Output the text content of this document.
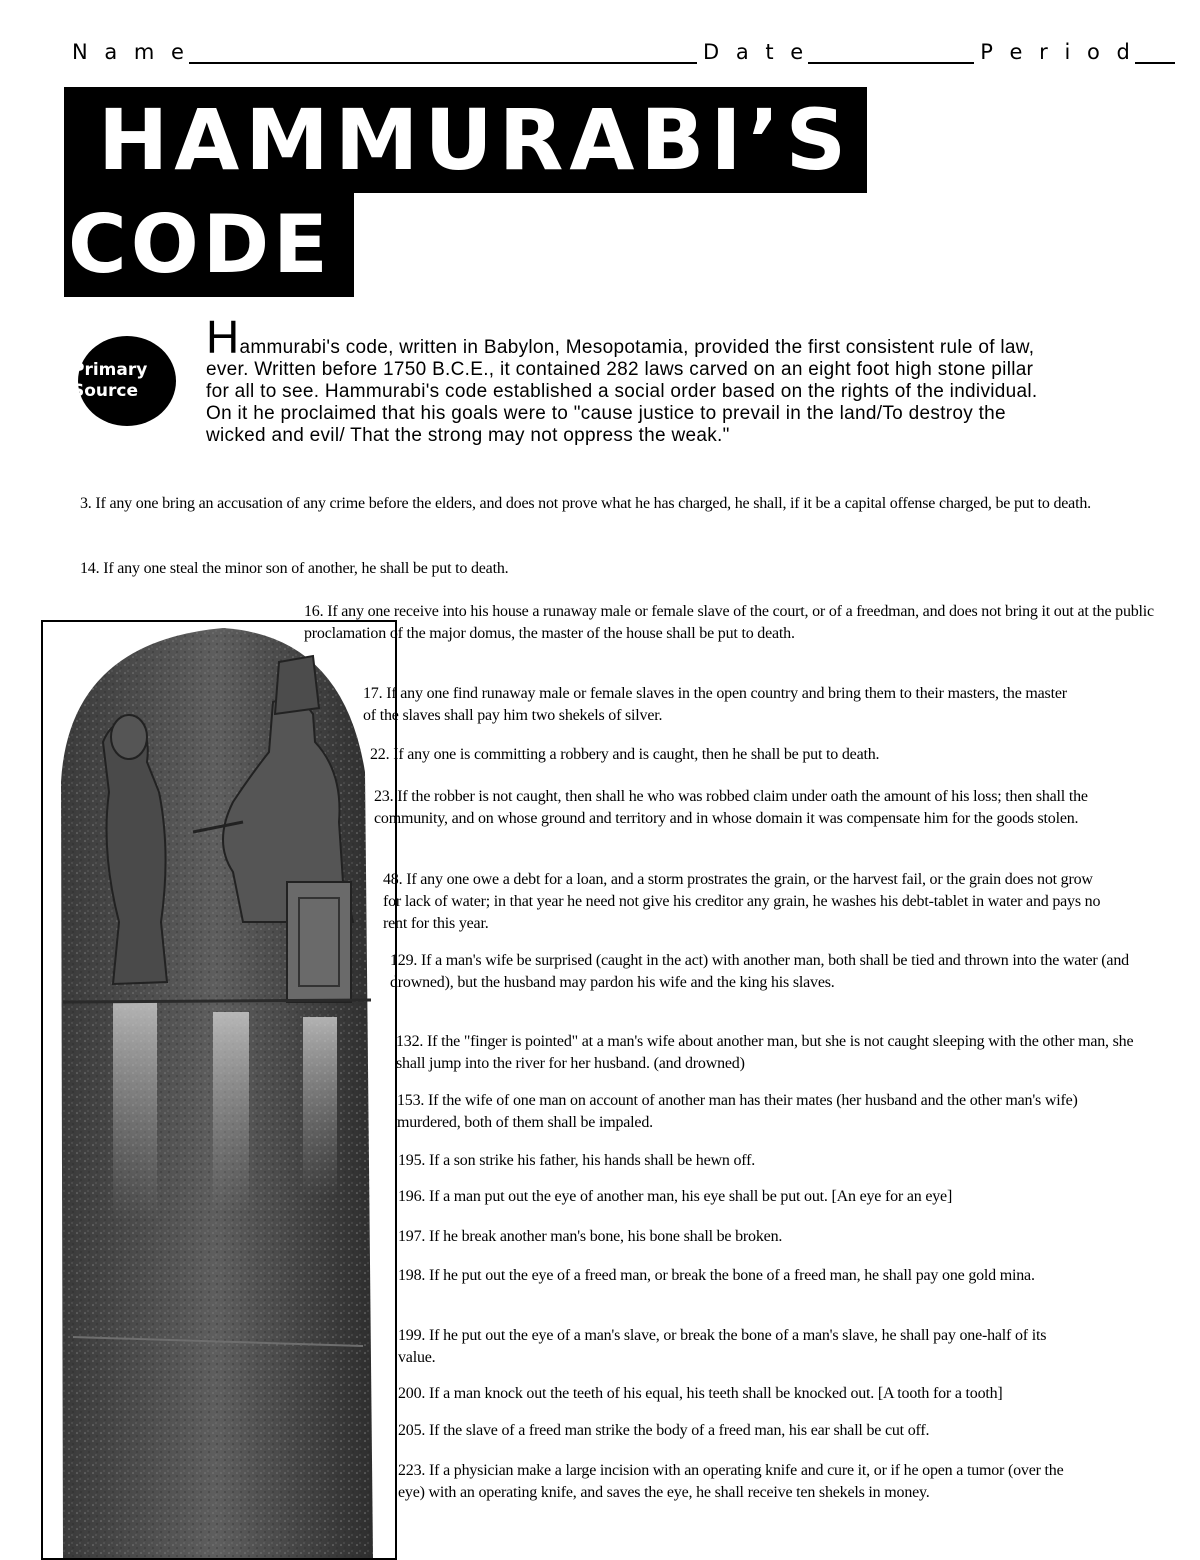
N a m e	D a t e	P e r i o d
HAMMURABI’S
CODE
Primary
Source
Hammurabi's code, written in Babylon, Mesopotamia, provided the first consistent rule of law, ever. Written before 1750 B.C.E., it contained 282 laws carved on an eight foot high stone pillar for all to see. Hammurabi's code established a social order based on the rights of the individual. On it he proclaimed that his goals were to "cause justice to prevail in the land/To destroy the wicked and evil/ That the strong may not oppress the weak."
3. If any one bring an accusation of any crime before the elders, and does not prove what he has charged, he shall, if it be a capital offense charged, be put to death.
14. If any one steal the minor son of another, he shall be put to death.
16. If any one receive into his house a runaway male or female slave of the court, or of a freedman, and does not bring it out at the public proclamation of the major domus, the master of the house shall be put to death.
17. If any one find runaway male or female slaves in the open country and bring them to their masters, the master of the slaves shall pay him two shekels of silver.
22. If any one is committing a robbery and is caught, then he shall be put to death.
23. If the robber is not caught, then shall he who was robbed claim under oath the amount of his loss; then shall the community, and on whose ground and territory and in whose domain it was compensate him for the goods stolen.
48. If any one owe a debt for a loan, and a storm prostrates the grain, or the harvest fail, or the grain does not grow for lack of water; in that year he need not give his creditor any grain, he washes his debt-tablet in water and pays no rent for this year.
129. If a man's wife be surprised (caught in the act) with another man, both shall be tied and thrown into the water (and drowned), but the husband may pardon his wife and the king his slaves.
132. If the "finger is pointed" at a man's wife about another man, but she is not caught sleeping with the other man, she shall jump into the river for her husband. (and drowned)
153. If the wife of one man on account of another man has their mates (her husband and the other man's wife) murdered, both of them shall be impaled.
195. If a son strike his father, his hands shall be hewn off.
196. If a man put out the eye of another man, his eye shall be put out. [An eye for an eye]
197. If he break another man's bone, his bone shall be broken.
198. If he put out the eye of a freed man, or break the bone of a freed man, he shall pay one gold mina.
199. If he put out the eye of a man's slave, or break the bone of a man's slave, he shall pay one-half of its value.
200. If a man knock out the teeth of his equal, his teeth shall be knocked out. [A tooth for a tooth]
205. If the slave of a freed man strike the body of a freed man, his ear shall be cut off.
223. If a physician make a large incision with an operating knife and cure it, or if he open a tumor (over the eye) with an operating knife, and saves the eye, he shall receive ten shekels in money.
